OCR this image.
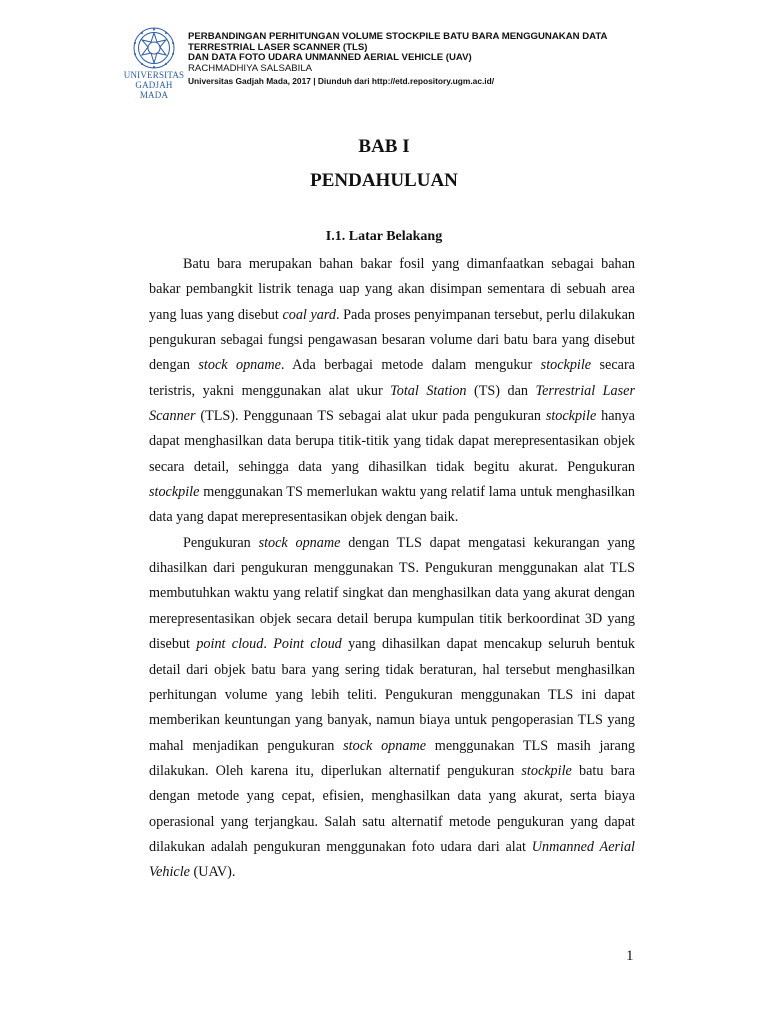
UNIVERSITAS
GADJAH MADA
PERBANDINGAN PERHITUNGAN VOLUME STOCKPILE BATU BARA MENGGUNAKAN DATA
TERRESTRIAL LASER SCANNER (TLS)
DAN DATA FOTO UDARA UNMANNED AERIAL VEHICLE (UAV)
RACHMADHIYA SALSABILA
Universitas Gadjah Mada, 2017 | Diunduh dari http://etd.repository.ugm.ac.id/
BAB I
PENDAHULUAN
I.1. Latar Belakang

Batu bara merupakan bahan bakar fosil yang dimanfaatkan sebagai bahan bakar pembangkit listrik tenaga uap yang akan disimpan sementara di sebuah area yang luas yang disebut coal yard. Pada proses penyimpanan tersebut, perlu dilakukan pengukuran sebagai fungsi pengawasan besaran volume dari batu bara yang disebut dengan stock opname. Ada berbagai metode dalam mengukur stockpile secara teristris, yakni menggunakan alat ukur Total Station (TS) dan Terrestrial Laser Scanner (TLS). Penggunaan TS sebagai alat ukur pada pengukuran stockpile hanya dapat menghasilkan data berupa titik-titik yang tidak dapat merepresentasikan objek secara detail, sehingga data yang dihasilkan tidak begitu akurat. Pengukuran stockpile menggunakan TS memerlukan waktu yang relatif lama untuk menghasilkan data yang dapat merepresentasikan objek dengan baik.

Pengukuran stock opname dengan TLS dapat mengatasi kekurangan yang dihasilkan dari pengukuran menggunakan TS. Pengukuran menggunakan alat TLS membutuhkan waktu yang relatif singkat dan menghasilkan data yang akurat dengan merepresentasikan objek secara detail berupa kumpulan titik berkoordinat 3D yang disebut point cloud. Point cloud yang dihasilkan dapat mencakup seluruh bentuk detail dari objek batu bara yang sering tidak beraturan, hal tersebut menghasilkan perhitungan volume yang lebih teliti. Pengukuran menggunakan TLS ini dapat memberikan keuntungan yang banyak, namun biaya untuk pengoperasian TLS yang mahal menjadikan pengukuran stock opname menggunakan TLS masih jarang dilakukan. Oleh karena itu, diperlukan alternatif pengukuran stockpile batu bara dengan metode yang cepat, efisien, menghasilkan data yang akurat, serta biaya operasional yang terjangkau. Salah satu alternatif metode pengukuran yang dapat dilakukan adalah pengukuran menggunakan foto udara dari alat Unmanned Aerial Vehicle (UAV).

1
